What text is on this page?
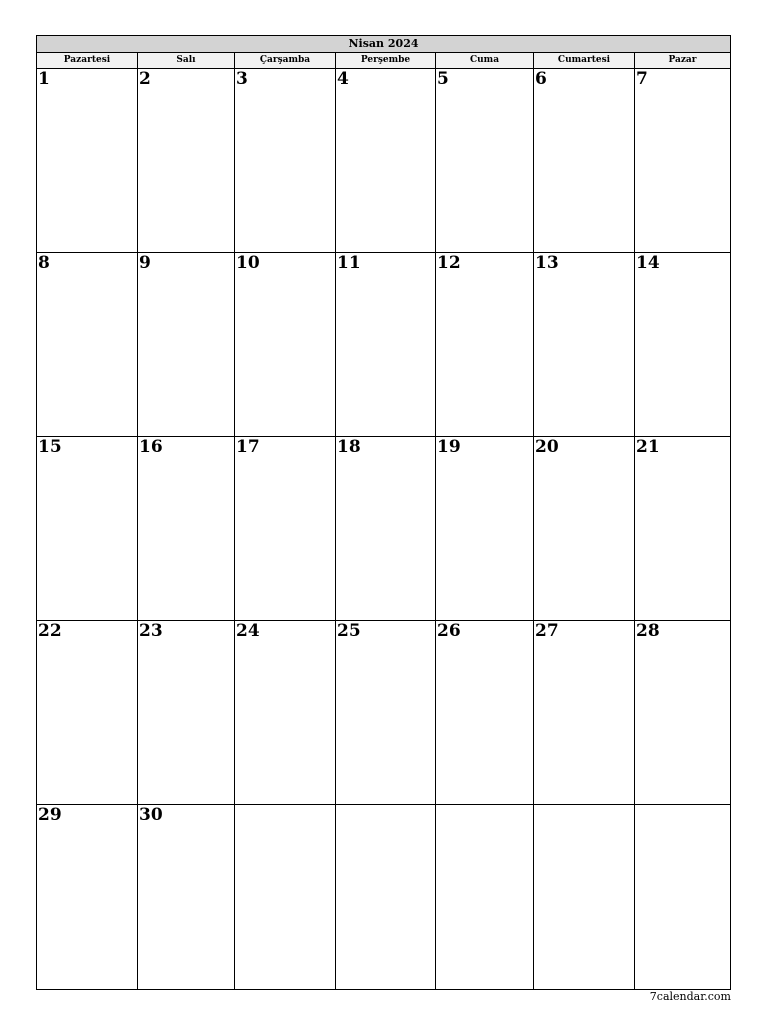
Nisan 2024
Pazartesi	Salı	Çarşamba	Perşembe	Cuma	Cumartesi	Pazar
1	2	3	4	5	6	7
8	9	10	11	12	13	14
15	16	17	18	19	20	21
22	23	24	25	26	27	28
29	30
7calendar.com
